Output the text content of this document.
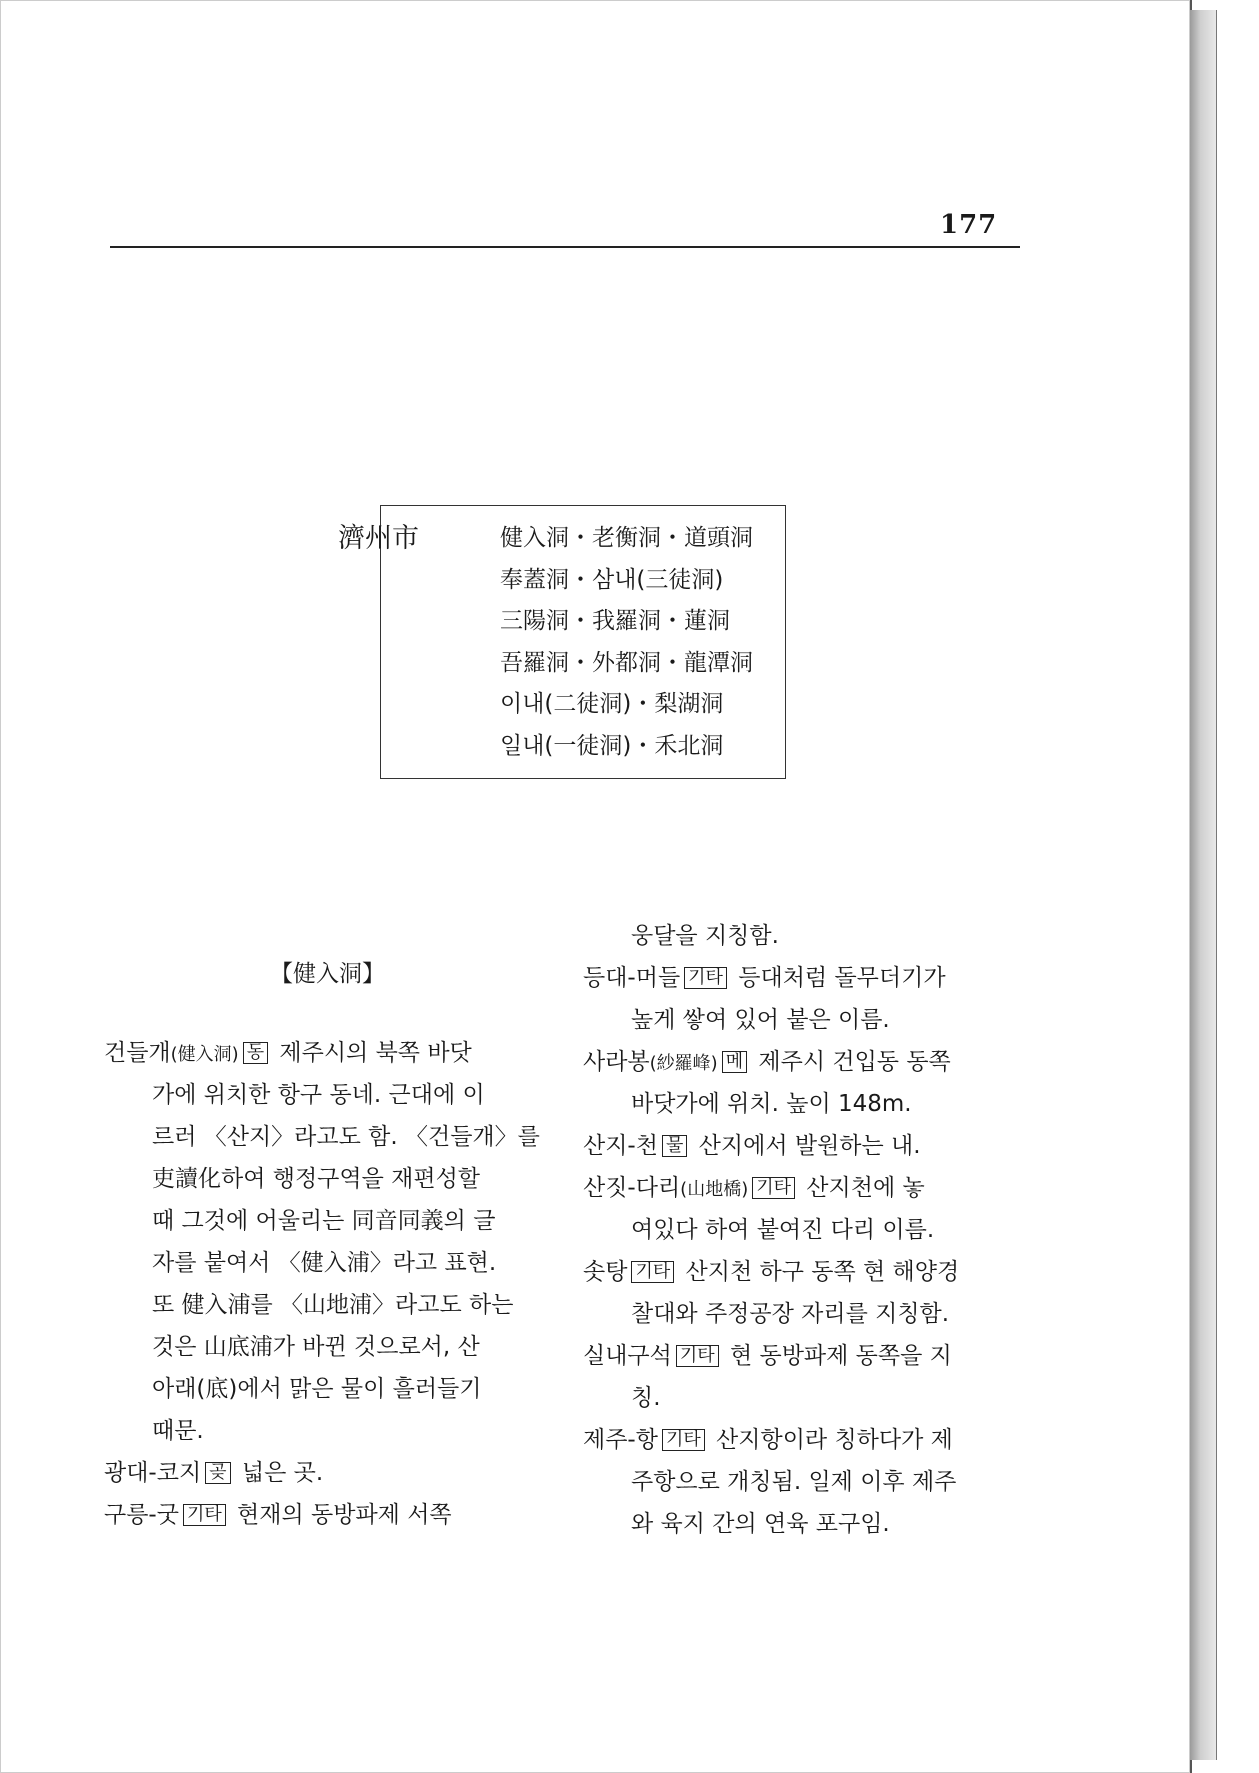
177
濟州市	健入洞・老衡洞・道頭洞
奉蓋洞・삼내(三徒洞)
三陽洞・我羅洞・蓮洞
吾羅洞・外都洞・龍潭洞
이내(二徒洞)・梨湖洞
일내(一徒洞)・禾北洞
【健入洞】
건들개(健入洞) 동 제주시의 북쪽 바닷
가에 위치한 항구 동네. 근대에 이
르러 〈산지〉라고도 함. 〈건들개〉를
吏讀化하여 행정구역을 재편성할
때 그것에 어울리는 同音同義의 글
자를 붙여서 〈健入浦〉라고 표현.
또 健入浦를 〈山地浦〉라고도 하는
것은 山底浦가 바뀐 것으로서, 산
아래(底)에서 맑은 물이 흘러들기
때문.
광대-코지 곶 넓은 곳.
구릉-굿 기타 현재의 동방파제 서쪽
웅달을 지칭함.
등대-머들 기타 등대처럼 돌무더기가
높게 쌓여 있어 붙은 이름.
사라봉(紗羅峰) 메 제주시 건입동 동쪽
바닷가에 위치. 높이 148m.
산지-천 물 산지에서 발원하는 내.
산짓-다리(山地橋) 기타 산지천에 놓
여있다 하여 붙여진 다리 이름.
솟탕 기타 산지천 하구 동쪽 현 해양경
찰대와 주정공장 자리를 지칭함.
실내구석 기타 현 동방파제 동쪽을 지
칭.
제주-항 기타 산지항이라 칭하다가 제
주항으로 개칭됨. 일제 이후 제주
와 육지 간의 연육 포구임.
